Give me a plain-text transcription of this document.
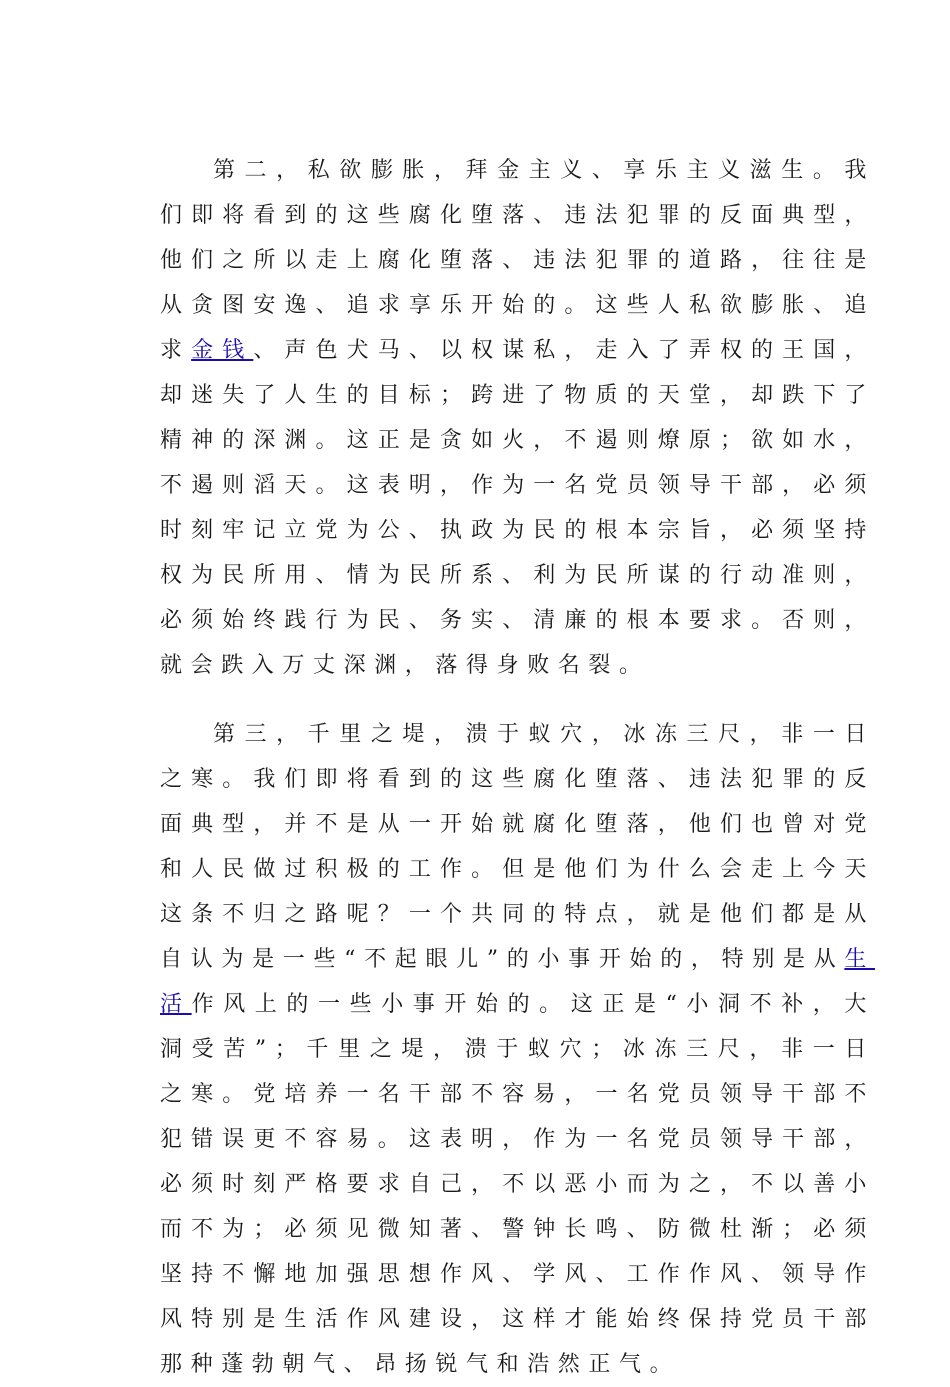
第二，私欲膨胀，拜金主义、享乐主义滋生。我们即将看到的这些腐化堕落、违法犯罪的反面典型，他们之所以走上腐化堕落、违法犯罪的道路，往往是从贪图安逸、追求享乐开始的。这些人私欲膨胀、追求金钱、声色犬马、以权谋私，走入了弄权的王国，却迷失了人生的目标；跨进了物质的天堂，却跌下了精神的深渊。这正是贪如火，不遏则燎原；欲如水，不遏则滔天。这表明，作为一名党员领导干部，必须时刻牢记立党为公、执政为民的根本宗旨，必须坚持权为民所用、情为民所系、利为民所谋的行动准则，必须始终践行为民、务实、清廉的根本要求。否则，就会跌入万丈深渊，落得身败名裂。

第三，千里之堤，溃于蚁穴，冰冻三尺，非一日之寒。我们即将看到的这些腐化堕落、违法犯罪的反面典型，并不是从一开始就腐化堕落，他们也曾对党和人民做过积极的工作。但是他们为什么会走上今天这条不归之路呢？一个共同的特点，就是他们都是从自认为是一些“不起眼儿”的小事开始的，特别是从生活作风上的一些小事开始的。这正是“小洞不补，大洞受苦”；千里之堤，溃于蚁穴；冰冻三尺，非一日之寒。党培养一名干部不容易，一名党员领导干部不犯错误更不容易。这表明，作为一名党员领导干部，必须时刻严格要求自己，不以恶小而为之，不以善小而不为；必须见微知著、警钟长鸣、防微杜渐；必须坚持不懈地加强思想作风、学风、工作作风、领导作风特别是生活作风建设，这样才能始终保持党员干部那种蓬勃朝气、昂扬锐气和浩然正气。
